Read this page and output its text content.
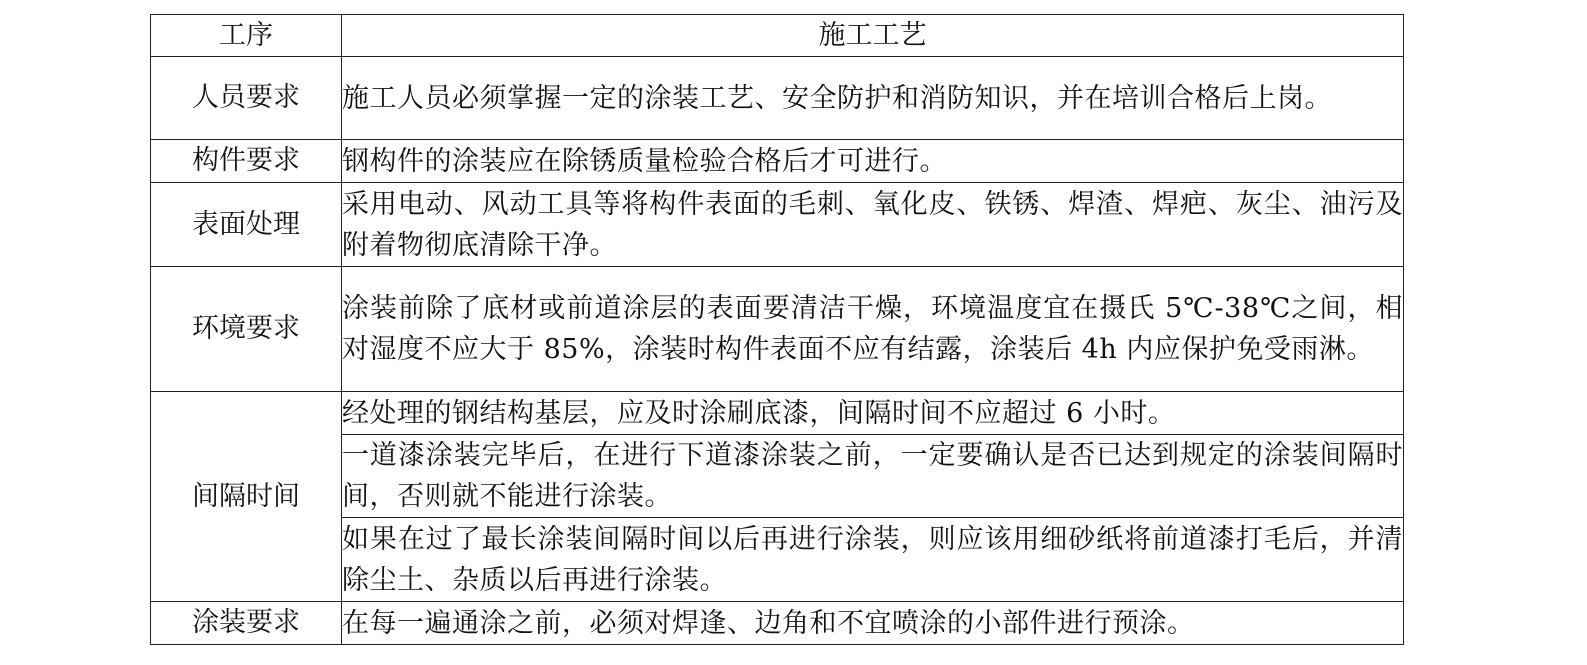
工序	施工工艺
人员要求	施工人员必须掌握一定的涂装工艺、安全防护和消防知识，并在培训合格后上岗。
构件要求	钢构件的涂装应在除锈质量检验合格后才可进行。
表面处理	采用电动、风动工具等将构件表面的毛刺、氧化皮、铁锈、焊渣、焊疤、灰尘、油污及附着物彻底清除干净。
环境要求	涂装前除了底材或前道涂层的表面要清洁干燥，环境温度宜在摄氏 5℃-38℃之间，相对湿度不应大于 85%，涂装时构件表面不应有结露，涂装后 4h 内应保护免受雨淋。
间隔时间	经处理的钢结构基层，应及时涂刷底漆，间隔时间不应超过 6 小时。
	一道漆涂装完毕后，在进行下道漆涂装之前，一定要确认是否已达到规定的涂装间隔时间，否则就不能进行涂装。
	如果在过了最长涂装间隔时间以后再进行涂装，则应该用细砂纸将前道漆打毛后，并清除尘土、杂质以后再进行涂装。
涂装要求	在每一遍通涂之前，必须对焊逢、边角和不宜喷涂的小部件进行预涂。
